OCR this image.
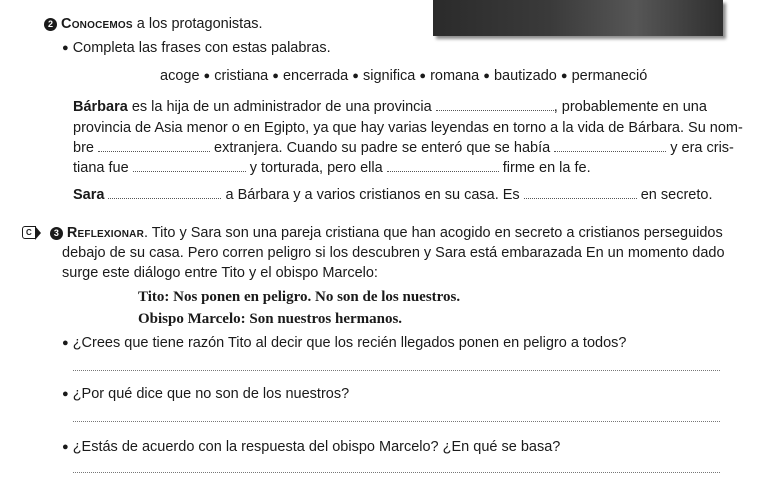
2 Conocemos a los protagonistas.
● Completa las frases con estas palabras.
acoge ● cristiana ● encerrada ● significa ● romana ● bautizado ● permaneció
Bárbara es la hija de un administrador de una provincia	, probablemente en una
provincia de Asia menor o en Egipto, ya que hay varias leyendas en torno a la vida de Bárbara. Su nom-
bre	extranjera. Cuando su padre se enteró que se había	y era cris-
tiana fue	y torturada, pero ella	firme en la fe.
Sara	a Bárbara y a varios cristianos en su casa. Es	en secreto.
C 3 Reflexionar. Tito y Sara son una pareja cristiana que han acogido en secreto a cristianos perseguidos
debajo de su casa. Pero corren peligro si los descubren y Sara está embarazada En un momento dado
surge este diálogo entre Tito y el obispo Marcelo:
Tito: Nos ponen en peligro. No son de los nuestros.
Obispo Marcelo: Son nuestros hermanos.
● ¿Crees que tiene razón Tito al decir que los recién llegados ponen en peligro a todos?
● ¿Por qué dice que no son de los nuestros?
● ¿Estás de acuerdo con la respuesta del obispo Marcelo? ¿En qué se basa?
